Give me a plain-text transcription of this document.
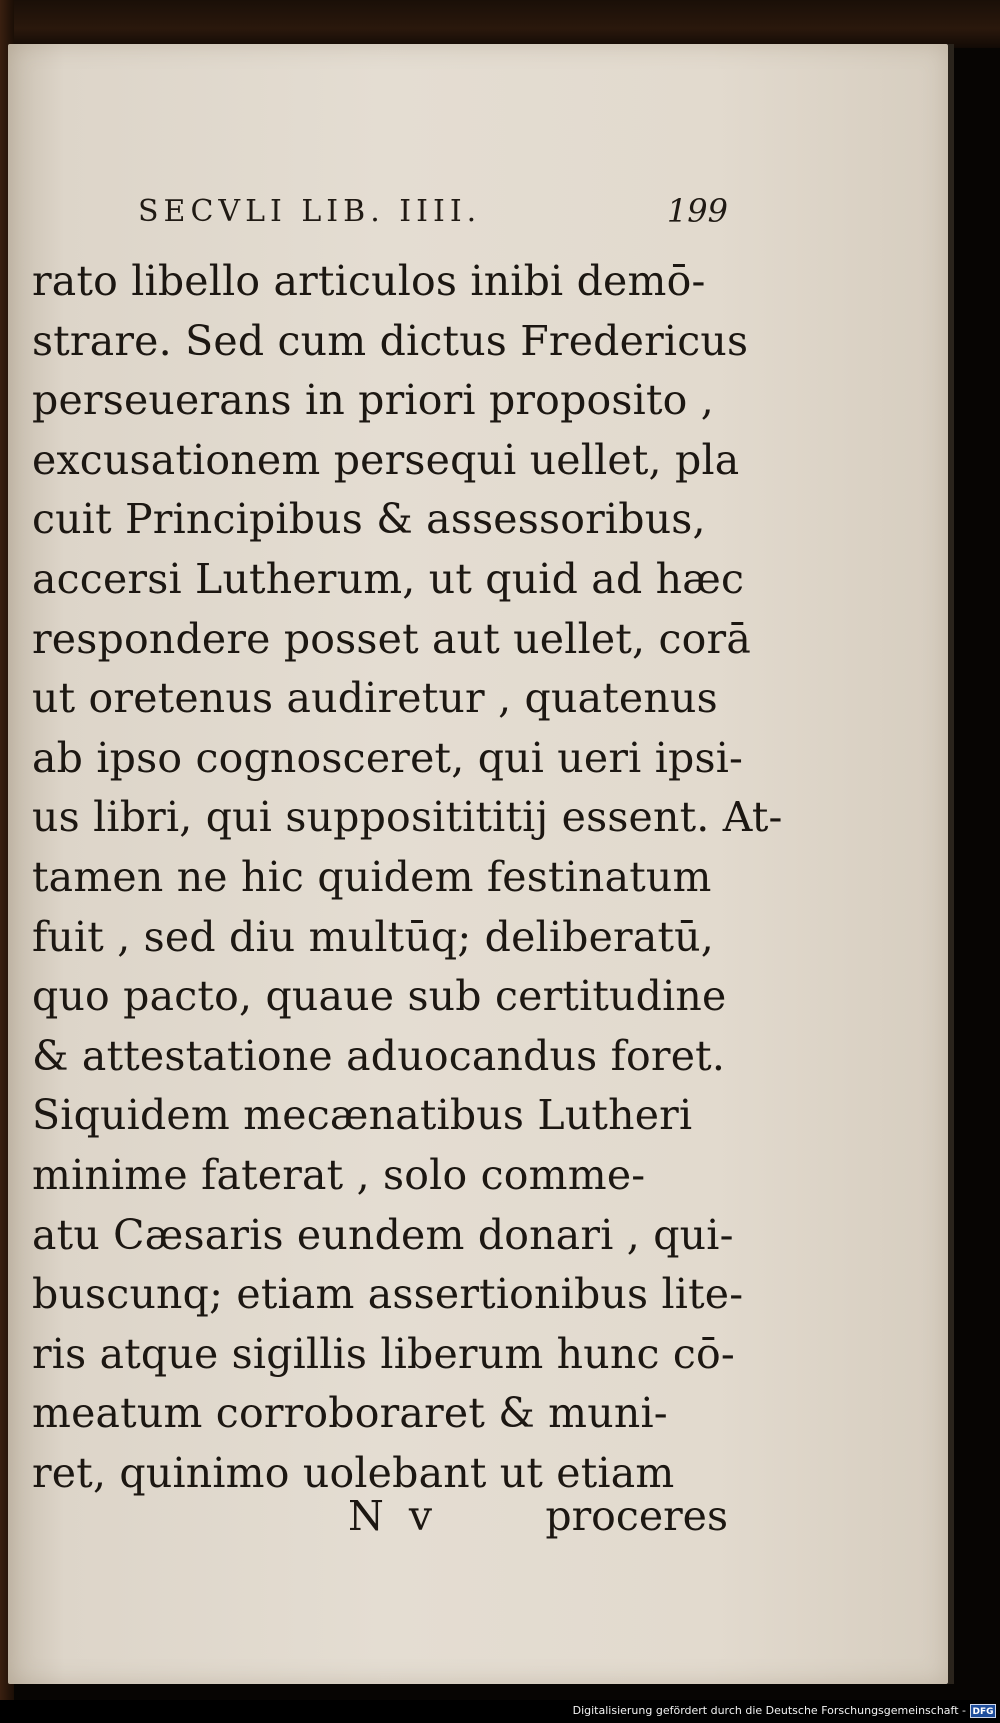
SECVLI LIB. IIII.	199
rato libello articulos inibi demō-
strare. Sed cum dictus Fredericus
perseuerans in priori proposito ,
excusationem persequi uellet, pla
cuit Principibus & assessoribus,
accersi Lutherum, ut quid ad hæc
respondere posset aut uellet, corā
ut oretenus audiretur , quatenus
ab ipso cognosceret, qui ueri ipsi-
us libri, qui suppositititij essent. At-
tamen ne hic quidem festinatum
fuit , sed diu multūq; deliberatū,
quo pacto, quaue sub certitudine
& attestatione aduocandus foret.
Siquidem mecænatibus Lutheri
minime faterat , solo comme-
atu Cæsaris eundem donari , qui-
buscunq; etiam assertionibus lite-
ris atque sigillis liberum hunc cō-
meatum corroboraret & muni-
ret, quinimo uolebant ut etiam
N v	proceres
Digitalisierung gefördert durch die Deutsche Forschungsgemeinschaft - DFG
